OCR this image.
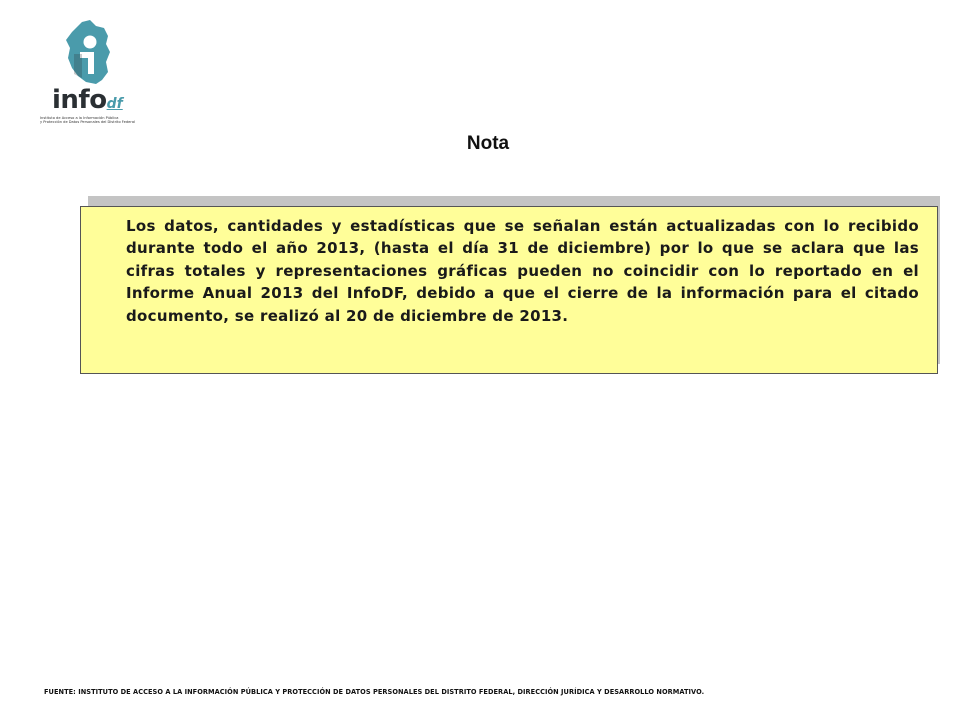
infodf
Instituto de Acceso a la Información Pública
y Protección de Datos Personales del Distrito Federal
Nota

Los datos, cantidades y estadísticas que se señalan están actualizadas con lo recibido durante todo el año 2013, (hasta el día 31 de diciembre) por lo que se aclara que las cifras totales y representaciones gráficas pueden no coincidir con lo reportado en el Informe Anual 2013 del InfoDF, debido a que el cierre de la información para el citado documento, se realizó al 20 de diciembre de 2013.

FUENTE: INSTITUTO DE ACCESO A LA INFORMACIÓN PÚBLICA Y PROTECCIÓN DE DATOS PERSONALES DEL DISTRITO FEDERAL, DIRECCIÓN JURÍDICA Y DESARROLLO NORMATIVO.
